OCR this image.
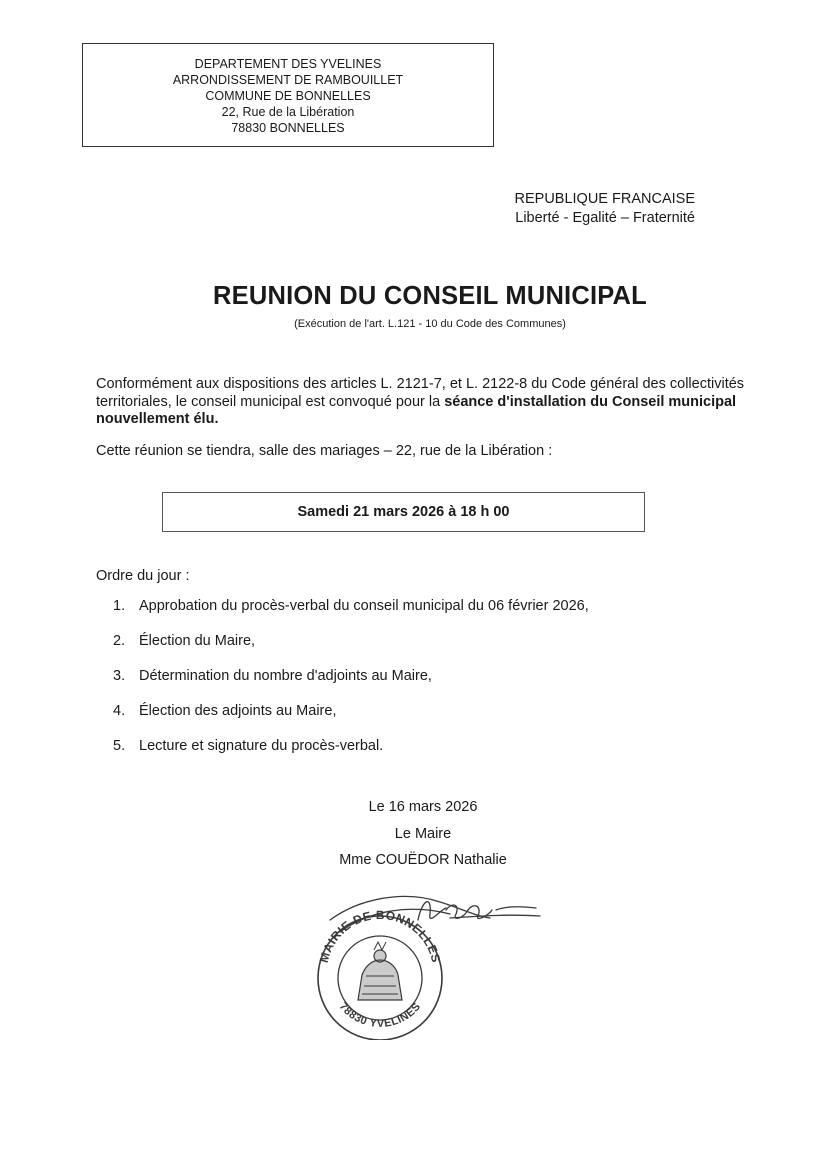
DEPARTEMENT DES YVELINES
ARRONDISSEMENT DE RAMBOUILLET
COMMUNE DE BONNELLES
22, Rue de la Libération
78830 BONNELLES
REPUBLIQUE FRANCAISE
Liberté - Egalité – Fraternité
REUNION DU CONSEIL MUNICIPAL
(Exécution de l'art. L.121 - 10 du Code des Communes)
Conformément aux dispositions des articles L. 2121-7, et L. 2122-8 du Code général des collectivités territoriales, le conseil municipal est convoqué pour la séance d'installation du Conseil municipal nouvellement élu.
Cette réunion se tiendra, salle des mariages – 22, rue de la Libération :
Samedi 21 mars 2026 à 18 h 00
Ordre du jour :
1. Approbation du procès-verbal du conseil municipal du 06 février 2026,
2. Élection du Maire,
3. Détermination du nombre d'adjoints au Maire,
4. Élection des adjoints au Maire,
5. Lecture et signature du procès-verbal.
Le 16 mars 2026
Le Maire
Mme COUËDOR Nathalie
MAIRIE DE BONNELLES
78830 YVELINES
